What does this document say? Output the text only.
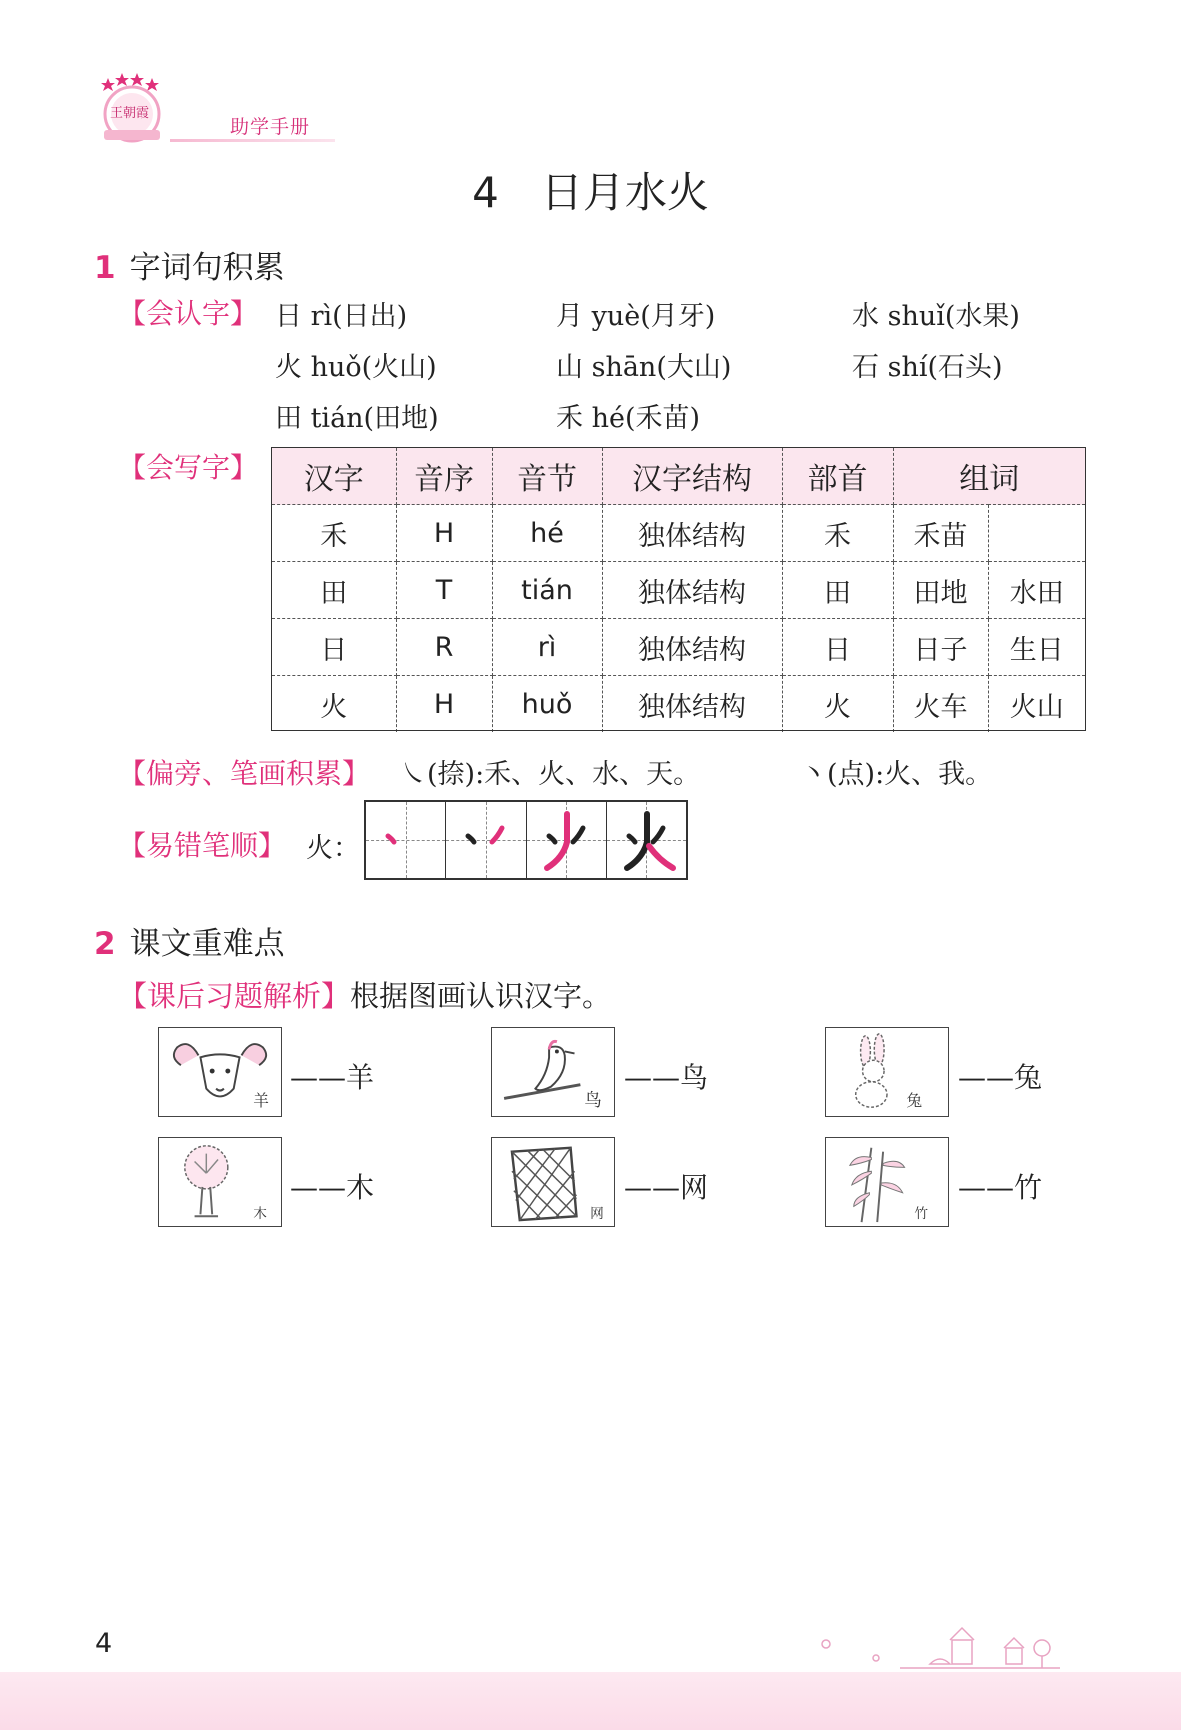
王朝霞
助学手册
4　日月水火
1 字词句积累
【会认字】 日 rì(日出)	月 yuè(月牙)	水 shuǐ(水果)
火 huǒ(火山)	山 shān(大山)	石 shí(石头)
田 tián(田地)	禾 hé(禾苗)
【会写字】 汉字	音序	音节	汉字结构	部首	组词	
禾	H	hé	独体结构	禾	禾苗	
田	T	tián	独体结构	田	田地	水田
日	R	rì	独体结构	日	日子	生日
火	H	huǒ	独体结构	火	火车	火山
【偏旁、笔画积累】 ㇏(捺):禾、火、水、天。	丶(点):火、我。
【易错笔顺】 火：
2 课文重难点
【课后习题解析】根据图画认识汉字。
羊
——羊
鸟
——鸟
兔
——兔
木
——木
网
——网
竹
——竹
4
